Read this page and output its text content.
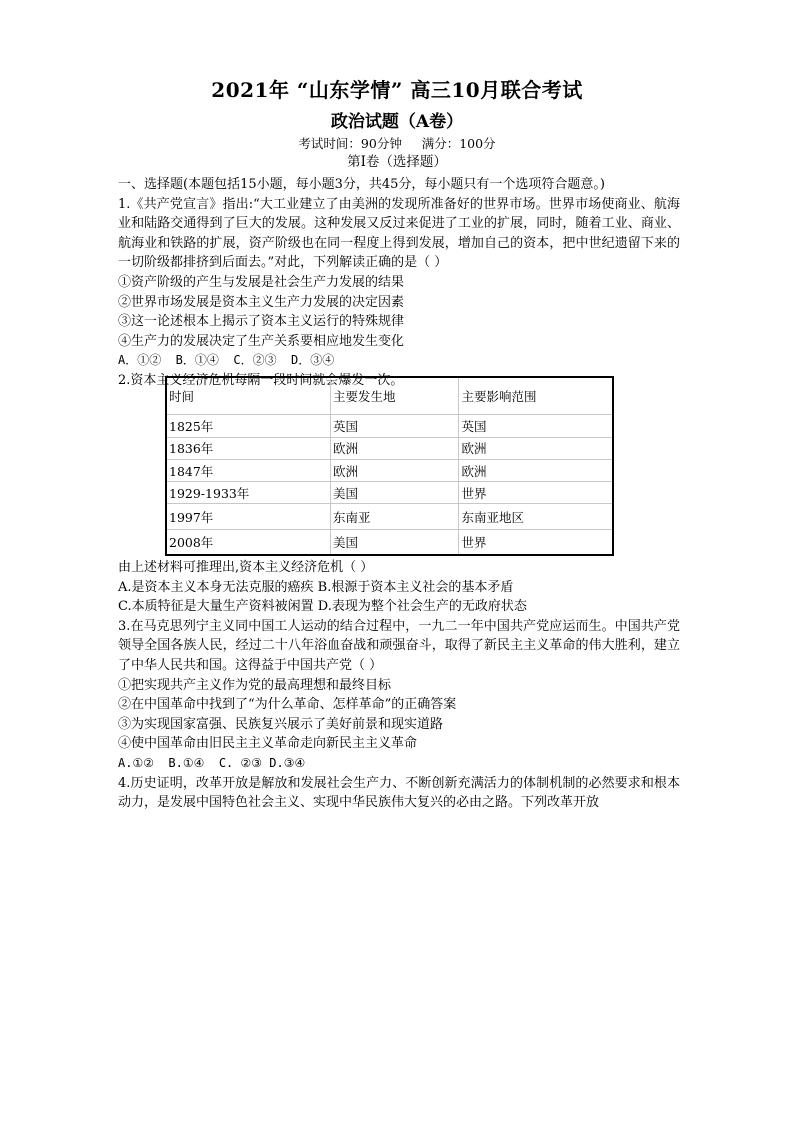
2021年 “山东学情” 高三10月联合考试
政治试题（A卷）
考试时间：90分钟     满分：100分
第Ⅰ卷（选择题）

一、选择题(本题包括15小题，每小题3分，共45分，每小题只有一个选项符合题意。)

1.《共产党宣言》指出:“大工业建立了由美洲的发现所准备好的世界市场。世界市场使商业、航海业和陆路交通得到了巨大的发展。这种发展又反过来促进了工业的扩展，同时，随着工业、商业、航海业和铁路的扩展，资产阶级也在同一程度上得到发展，增加自己的资本，把中世纪遗留下来的一切阶级都排挤到后面去。”对此，下列解读正确的是（ ）

①资产阶级的产生与发展是社会生产力发展的结果

②世界市场发展是资本主义生产力发展的决定因素

③这一论述根本上揭示了资本主义运行的特殊规律

④生产力的发展决定了生产关系要相应地发生变化

A．①②  B．①④  C．②③  D．③④

2.资本主义经济危机每隔一段时间就会爆发一次。

时间	主要发生地	主要影响范围
1825年	英国	英国
1836年	欧洲	欧洲
1847年	欧洲	欧洲
1929-1933年	美国	世界
1997年	东南亚	东南亚地区
2008年	美国	世界

由上述材料可推理出,资本主义经济危机（ ）

A.是资本主义本身无法克服的癌疾 B.根源于资本主义社会的基本矛盾

C.本质特征是大量生产资料被闲置 D.表现为整个社会生产的无政府状态

3.在马克思列宁主义同中国工人运动的结合过程中，一九二一年中国共产党应运而生。中国共产党领导全国各族人民，经过二十八年浴血奋战和顽强奋斗，取得了新民主主义革命的伟大胜利，建立了中华人民共和国。这得益于中国共产党（ ）

①把实现共产主义作为党的最高理想和最终目标

②在中国革命中找到了“为什么革命、怎样革命”的正确答案

③为实现国家富强、民族复兴展示了美好前景和现实道路

④使中国革命由旧民主主义革命走向新民主主义革命

A.①②  B.①④  C. ②③ D.③④

4.历史证明，改革开放是解放和发展社会生产力、不断创新充满活力的体制机制的必然要求和根本动力，是发展中国特色社会主义、实现中华民族伟大复兴的必由之路。下列改革开放
